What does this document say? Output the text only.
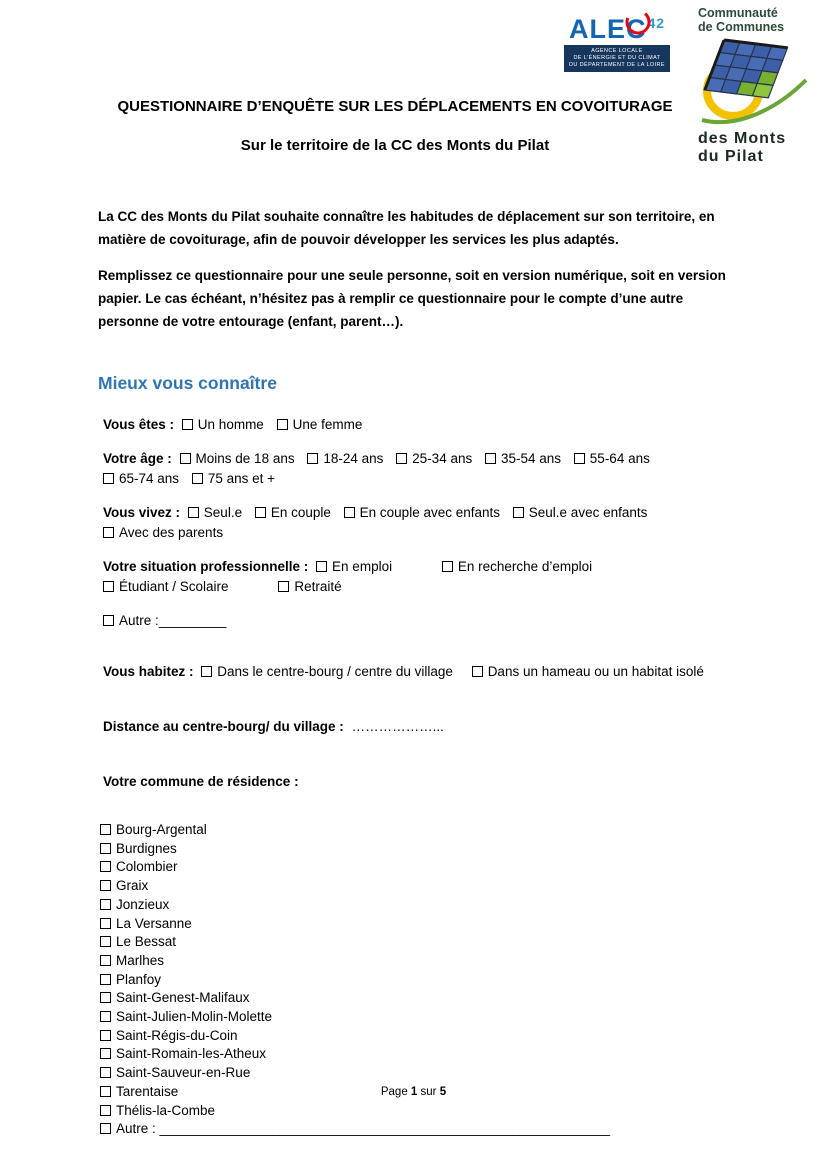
ALEC$^{42}$
AGENCE LOCALE
DE L’ÉNERGIE ET DU CLIMAT
DU DÉPARTEMENT DE LA LOIRE
Communauté
de Communes
des Monts
du Pilat
QUESTIONNAIRE D’ENQUÊTE SUR LES DÉPLACEMENTS EN COVOITURAGE
Sur le territoire de la CC des Monts du Pilat

La CC des Monts du Pilat souhaite connaître les habitudes de déplacement sur son territoire, en matière de covoiturage, afin de pouvoir développer les services les plus adaptés.

Remplissez ce questionnaire pour une seule personne, soit en version numérique, soit en version papier. Le cas échéant, n’hésitez pas à remplir ce questionnaire pour le compte d’une autre personne de votre entourage (enfant, parent…).

Mieux vous connaître
Vous êtes : Un homme Une femme
Votre âge : Moins de 18 ans 18-24 ans 25-34 ans 35-54 ans 55-64 ans 65-74 ans 75 ans et +
Vous vivez : Seul.e En couple En couple avec enfants Seul.e avec enfants Avec des parents
Votre situation professionnelle : En emploi	En recherche d’emploi Étudiant / Scolaire	Retraité
Autre :_________
Vous habitez : Dans le centre-bourg / centre du village	Dans un hameau ou un habitat isolé
Distance au centre-bourg/ du village : ………………...
Votre commune de résidence :
Bourg-Argental
Burdignes
Colombier
Graix
Jonzieux
La Versanne
Le Bessat
Marlhes
Planfoy
Saint-Genest-Malifaux
Saint-Julien-Molin-Molette
Saint-Régis-du-Coin
Saint-Romain-les-Atheux
Saint-Sauveur-en-Rue
Tarentaise
Thélis-la-Combe
Autre : ____________________________________________________________
Page 1 sur 5
